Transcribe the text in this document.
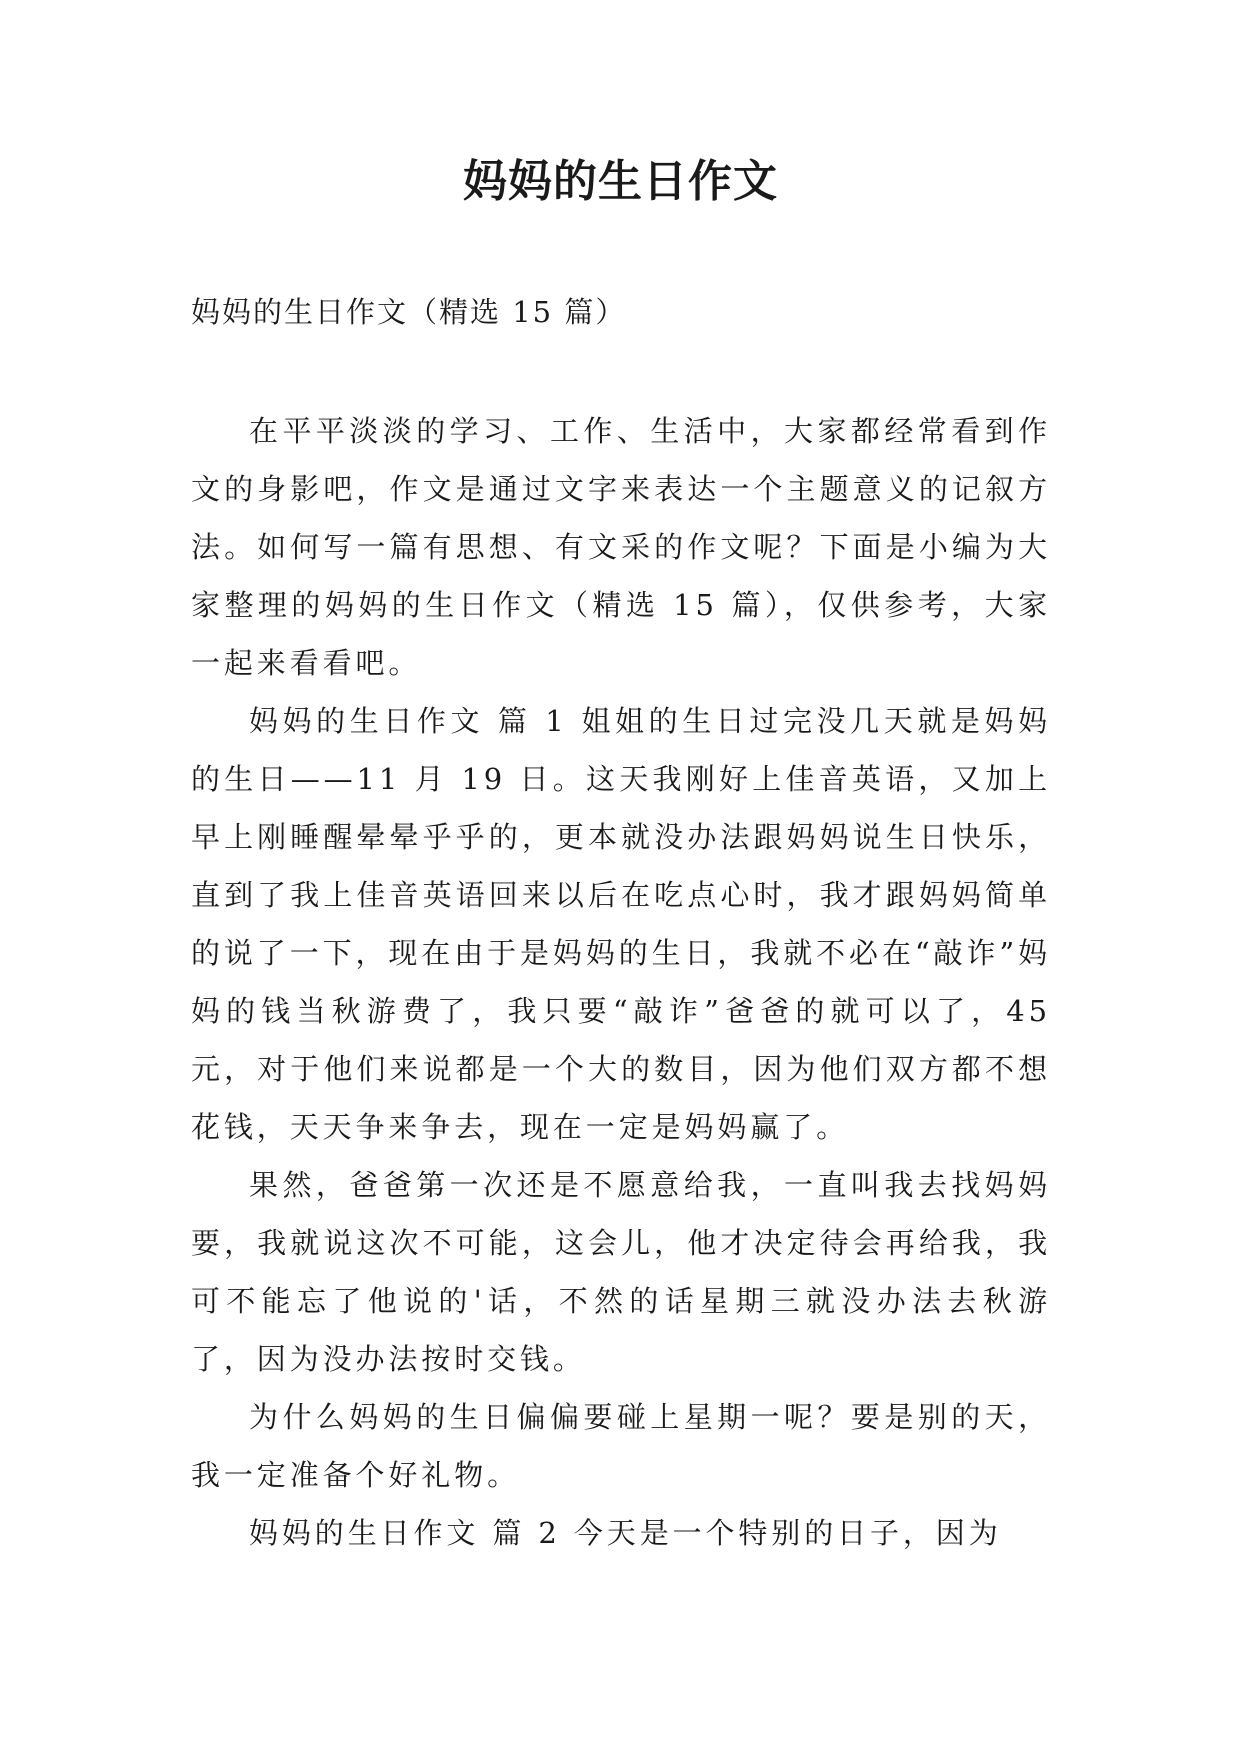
妈妈的生日作文

妈妈的生日作文（精选 15 篇）

在平平淡淡的学习、工作、生活中，大家都经常看到作文的身影吧，作文是通过文字来表达一个主题意义的记叙方法。如何写一篇有思想、有文采的作文呢？下面是小编为大家整理的妈妈的生日作文（精选 15 篇），仅供参考，大家一起来看看吧。

妈妈的生日作文 篇 1 姐姐的生日过完没几天就是妈妈的生日——11 月 19 日。这天我刚好上佳音英语，又加上早上刚睡醒晕晕乎乎的，更本就没办法跟妈妈说生日快乐，直到了我上佳音英语回来以后在吃点心时，我才跟妈妈简单的说了一下，现在由于是妈妈的生日，我就不必在“敲诈”妈妈的钱当秋游费了，我只要“敲诈”爸爸的就可以了，45 元，对于他们来说都是一个大的数目，因为他们双方都不想花钱，天天争来争去，现在一定是妈妈赢了。

果然，爸爸第一次还是不愿意给我，一直叫我去找妈妈要，我就说这次不可能，这会儿，他才决定待会再给我，我可不能忘了他说的'话，不然的话星期三就没办法去秋游了，因为没办法按时交钱。

为什么妈妈的生日偏偏要碰上星期一呢？要是别的天，我一定准备个好礼物。

妈妈的生日作文 篇 2 今天是一个特别的日子，因为
